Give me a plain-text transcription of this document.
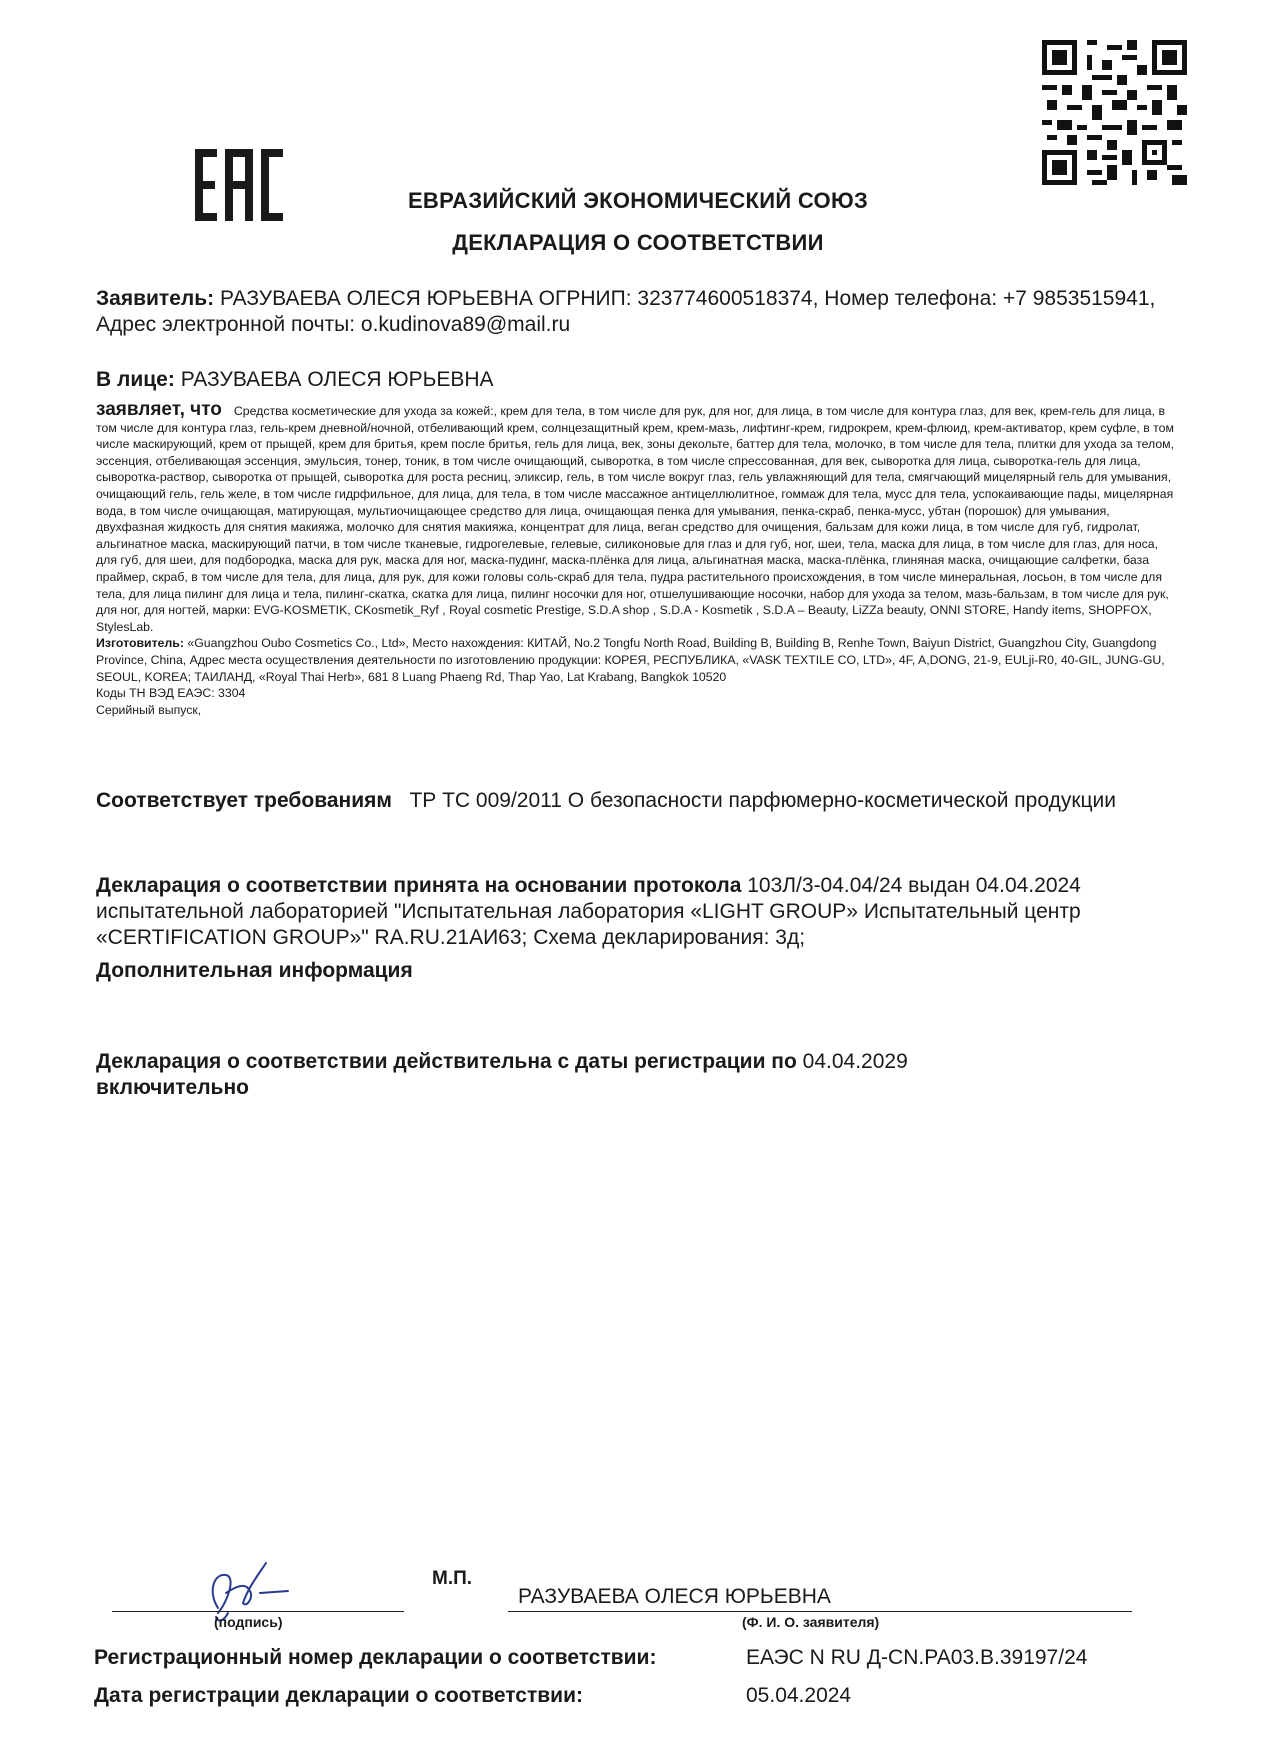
ЕВРАЗИЙСКИЙ ЭКОНОМИЧЕСКИЙ СОЮЗ
ДЕКЛАРАЦИЯ О СООТВЕТСТВИИ
Заявитель: РАЗУВАЕВА ОЛЕСЯ ЮРЬЕВНА ОГРНИП: 323774600518374, Номер телефона: +7 9853515941, Адрес электронной почты: o.kudinova89@mail.ru
В лице: РАЗУВАЕВА ОЛЕСЯ ЮРЬЕВНА
заявляет, что Средства косметические для ухода за кожей:, крем для тела, в том числе для рук, для ног, для лица, в том числе для контура глаз, для век, крем-гель для лица, в том числе для контура глаз, гель-крем дневной/ночной, отбеливающий крем, солнцезащитный крем, крем-мазь, лифтинг-крем, гидрокрем, крем-флюид, крем-активатор, крем суфле, в том числе маскирующий, крем от прыщей, крем для бритья, крем после бритья, гель для лица, век, зоны декольте, баттер для тела, молочко, в том числе для тела, плитки для ухода за телом, эссенция, отбеливающая эссенция, эмульсия, тонер, тоник, в том числе очищающий, сыворотка, в том числе спрессованная, для век, сыворотка для лица, сыворотка-гель для лица, сыворотка-раствор, сыворотка от прыщей, сыворотка для роста ресниц, эликсир, гель, в том числе вокруг глаз, гель увлажняющий для тела, смягчающий мицелярный гель для умывания, очищающий гель, гель желе, в том числе гидрфильное, для лица, для тела, в том числе массажное антицеллюлитное, гоммаж для тела, мусс для тела, успокаивающие пады, мицелярная вода, в том числе очищающая, матирующая, мультиочищающее средство для лица, очищающая пенка для умывания, пенка-скраб, пенка-мусс, убтан (порошок) для умывания, двухфазная жидкость для снятия макияжа, молочко для снятия макияжа, концентрат для лица, веган средство для очищения, бальзам для кожи лица, в том числе для губ, гидролат, альгинатное маска, маскирующий патчи, в том числе тканевые, гидрогелевые, гелевые, силиконовые для глаз и для губ, ног, шеи, тела, маска для лица, в том числе для глаз, для носа, для губ, для шеи, для подбородка, маска для рук, маска для ног, маска-пудинг, маска-плёнка для лица, альгинатная маска, маска-плёнка, глиняная маска, очищающие салфетки, база праймер, скраб, в том числе для тела, для лица, для рук, для кожи головы соль-скраб для тела, пудра растительного происхождения, в том числе минеральная, лосьон, в том числе для тела, для лица пилинг для лица и тела, пилинг-скатка, скатка для лица, пилинг носочки для ног, отшелушивающие носочки, набор для ухода за телом, мазь-бальзам, в том числе для рук, для ног, для ногтей, марки: EVG-KOSMETIK, CKosmetik_Ryf , Royal cosmetic Prestige, S.D.A shop , S.D.A - Kosmetik , S.D.A – Beauty, LiZZa beauty, ONNI STORE, Handy items, SHOPFOX, StylesLab.
Изготовитель: «Guangzhou Oubo Cosmetics Co., Ltd», Место нахождения: КИТАЙ, No.2 Tongfu North Road, Building B, Building B, Renhe Town, Baiyun District, Guangzhou City, Guangdong Province, China, Адрес места осуществления деятельности по изготовлению продукции: КОРЕЯ, РЕСПУБЛИКА, «VASK TEXTILE CO, LTD», 4F, A,DONG, 21-9, EULji-R0, 40-GIL, JUNG-GU, SEOUL, KOREA; ТАИЛАНД, «Royal Thai Herb», 681 8 Luang Phaeng Rd, Thap Yao, Lat Krabang, Bangkok 10520
Коды ТН ВЭД ЕАЭС: 3304
Серийный выпуск,
Соответствует требованиям ТР ТС 009/2011 О безопасности парфюмерно-косметической продукции
Декларация о соответствии принята на основании протокола 103Л/3-04.04/24 выдан 04.04.2024 испытательной лабораторией "Испытательная лаборатория «LIGHT GROUP» Испытательный центр «CERTIFICATION GROUP»" RA.RU.21АИ63; Схема декларирования: 3д;
Дополнительная информация
Декларация о соответствии действительна с даты регистрации по 04.04.2029
включительно
М.П.
РАЗУВАЕВА ОЛЕСЯ ЮРЬЕВНА
(подпись)	(Ф. И. О. заявителя)
Регистрационный номер декларации о соответствии:	ЕАЭС N RU Д-CN.РА03.В.39197/24
Дата регистрации декларации о соответствии:	05.04.2024
